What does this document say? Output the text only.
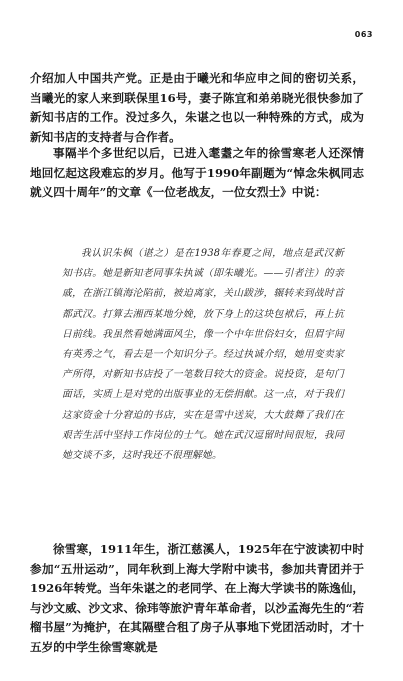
063
介绍加人中国共产党。正是由于曦光和华应申之间的密切关系，当曦光的家人来到联保里16号，妻子陈宜和弟弟晓光很快参加了新知书店的工作。没过多久，朱谌之也以一种特殊的方式，成为新知书店的支持者与合作者。
事隔半个多世纪以后，已进入耄耋之年的徐雪寒老人还深情地回忆起这段难忘的岁月。他写于1990年副题为“悼念朱枫同志就义四十周年”的文章《一位老战友，一位女烈士》中说：
我认识朱枫（谌之）是在1938年春夏之间，地点是武汉新知书店。她是新知老同事朱执诚（即朱曦光。——引者注）的亲戚，在浙江镇海沦陷前，被迫离家，关山跋涉，辗转来到战时首都武汉。打算去湘西某地分娩，放下身上的这块包袱后，再上抗日前线。我虽然看她满面风尘，像一个中年世俗妇女，但眉宇间有英秀之气，看去是一个知识分子。经过执诚介绍，她用变卖家产所得，对新知书店投了一笔数目较大的资金。说投资，是句门面话，实质上是对党的出版事业的无偿捐献。这一点，对于我们这家资金十分窘迫的书店，实在是雪中送炭，大大鼓舞了我们在艰苦生活中坚持工作岗位的士气。她在武汉逗留时间很短，我同她交谈不多，这时我还不很理解她。
徐雪寒，1911年生，浙江慈溪人，1925年在宁波读初中时参加“五卅运动”，同年秋到上海大学附中读书，参加共青团并于1926年转党。当年朱谌之的老同学、在上海大学读书的陈逸仙，与沙文威、沙文求、徐玮等旅沪青年革命者，以沙孟海先生的“若榴书屋”为掩护，在其隔壁合租了房子从事地下党团活动时，才十五岁的中学生徐雪寒就是
